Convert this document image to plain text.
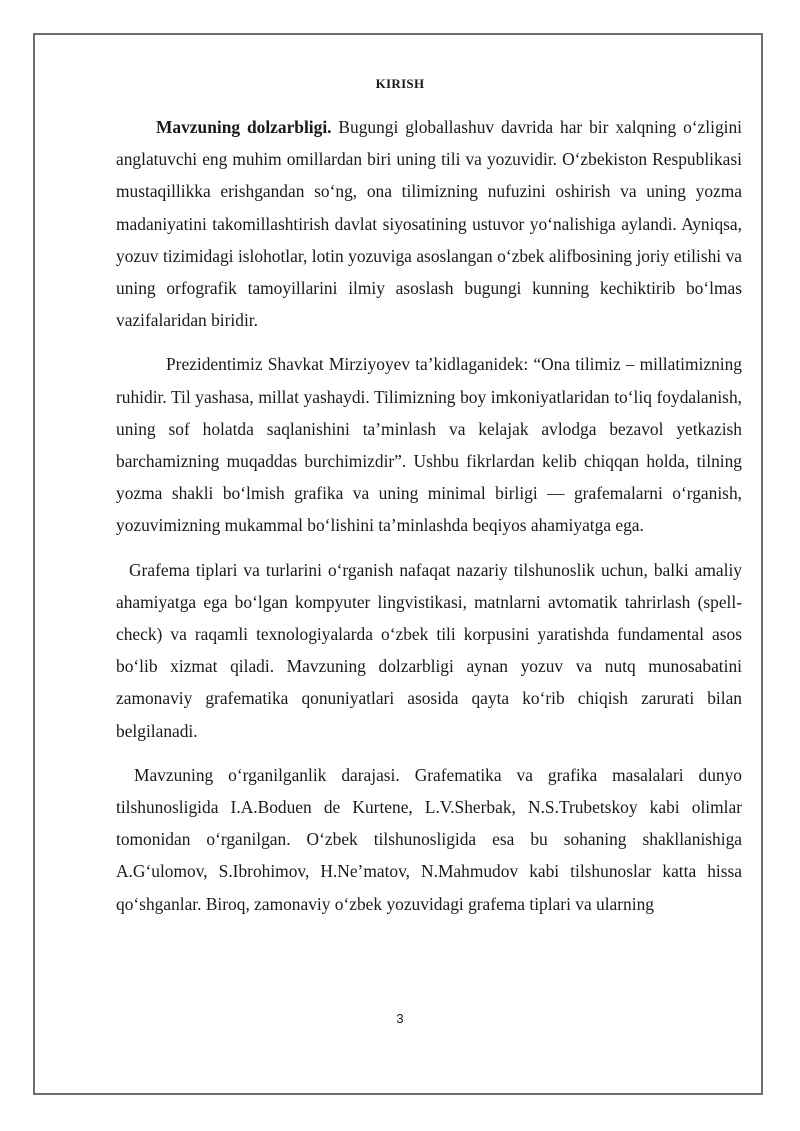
KIRISH

Mavzuning dolzarbligi. Bugungi globallashuv davrida har bir xalqning o‘zligini anglatuvchi eng muhim omillardan biri uning tili va yozuvidir. O‘zbekiston Respublikasi mustaqillikka erishgandan so‘ng, ona tilimizning nufuzini oshirish va uning yozma madaniyatini takomillashtirish davlat siyosatining ustuvor yo‘nalishiga aylandi. Ayniqsa, yozuv tizimidagi islohotlar, lotin yozuviga asoslangan o‘zbek alifbosining joriy etilishi va uning orfografik tamoyillarini ilmiy asoslash bugungi kunning kechiktirib bo‘lmas vazifalaridan biridir.

Prezidentimiz Shavkat Mirziyoyev ta’kidlaganidek: “Ona tilimiz – millatimizning ruhidir. Til yashasa, millat yashaydi. Tilimizning boy imkoniyatlaridan to‘liq foydalanish, uning sof holatda saqlanishini ta’minlash va kelajak avlodga bezavol yetkazish barchamizning muqaddas burchimizdir”. Ushbu fikrlardan kelib chiqqan holda, tilning yozma shakli bo‘lmish grafika va uning minimal birligi — grafemalarni o‘rganish, yozuvimizning mukammal bo‘lishini ta’minlashda beqiyos ahamiyatga ega.

Grafema tiplari va turlarini o‘rganish nafaqat nazariy tilshunoslik uchun, balki amaliy ahamiyatga ega bo‘lgan kompyuter lingvistikasi, matnlarni avtomatik tahrirlash (spell-check) va raqamli texnologiyalarda o‘zbek tili korpusini yaratishda fundamental asos bo‘lib xizmat qiladi. Mavzuning dolzarbligi aynan yozuv va nutq munosabatini zamonaviy grafematika qonuniyatlari asosida qayta ko‘rib chiqish zarurati bilan belgilanadi.

Mavzuning o‘rganilganlik darajasi. Grafematika va grafika masalalari dunyo tilshunosligida I.A.Boduen de Kurtene, L.V.Sherbak, N.S.Trubetskoy kabi olimlar tomonidan o‘rganilgan. O‘zbek tilshunosligida esa bu sohaning shakllanishiga A.G‘ulomov, S.Ibrohimov, H.Ne’matov, N.Mahmudov kabi tilshunoslar katta hissa qo‘shganlar. Biroq, zamonaviy o‘zbek yozuvidagi grafema tiplari va ularning

3
